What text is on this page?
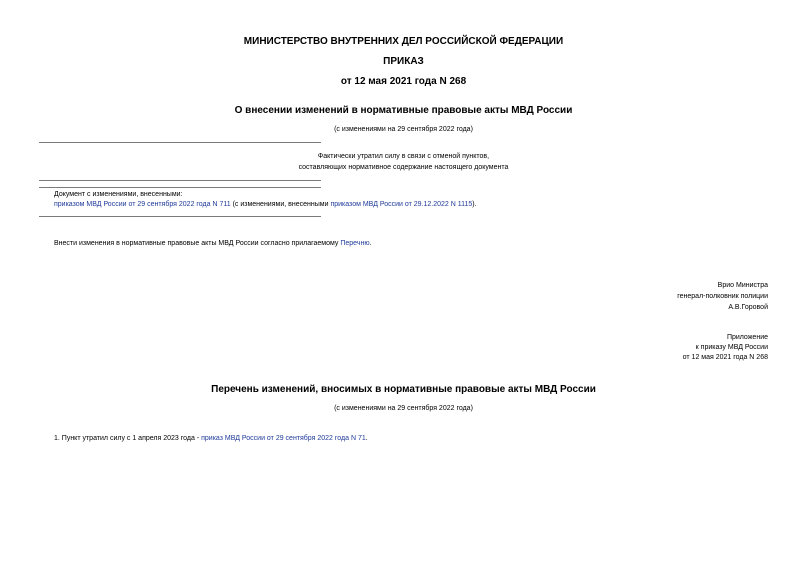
МИНИСТЕРСТВО ВНУТРЕННИХ ДЕЛ РОССИЙСКОЙ ФЕДЕРАЦИИ
ПРИКАЗ
от 12 мая 2021 года N 268
О внесении изменений в нормативные правовые акты МВД России
(с изменениями на 29 сентября 2022 года)
Фактически утратил силу в связи с отменой пунктов,
составляющих нормативное содержание настоящего документа
Документ с изменениями, внесенными:
приказом МВД России от 29 сентября 2022 года N 711 (с изменениями, внесенными приказом МВД России от 29.12.2022 N 1115).
Внести изменения в нормативные правовые акты МВД России согласно прилагаемому Перечню.
Врио Министра
генерал-полковник полиции
А.В.Горовой
Приложение
к приказу МВД России
от 12 мая 2021 года N 268
Перечень изменений, вносимых в нормативные правовые акты МВД России
(с изменениями на 29 сентября 2022 года)
1. Пункт утратил силу с 1 апреля 2023 года - приказ МВД России от 29 сентября 2022 года N 71.
